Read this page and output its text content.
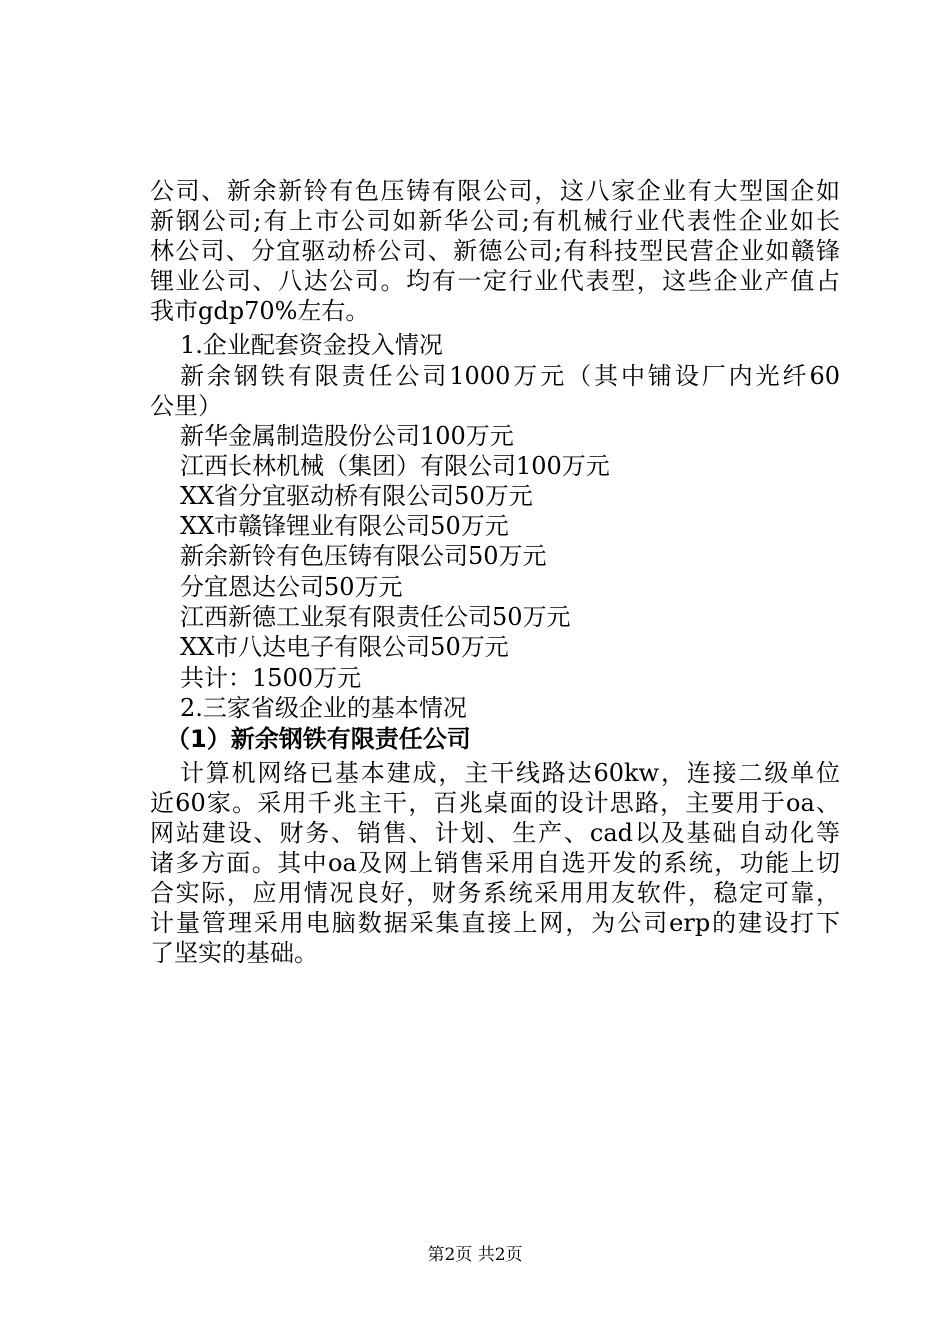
公司、新余新铃有色压铸有限公司，这八家企业有大型国企如
新钢公司;有上市公司如新华公司;有机械行业代表性企业如长
林公司、分宜驱动桥公司、新德公司;有科技型民营企业如赣锋
锂业公司、八达公司。均有一定行业代表型，这些企业产值占
我市gdp70%左右。
1.企业配套资金投入情况
新余钢铁有限责任公司1000万元（其中铺设厂内光纤60
公里）
新华金属制造股份公司100万元
江西长林机械（集团）有限公司100万元
XX省分宜驱动桥有限公司50万元
XX市赣锋锂业有限公司50万元
新余新铃有色压铸有限公司50万元
分宜恩达公司50万元
江西新德工业泵有限责任公司50万元
XX市八达电子有限公司50万元
共计：1500万元
2.三家省级企业的基本情况
（1）新余钢铁有限责任公司
计算机网络已基本建成，主干线路达60kw，连接二级单位
近60家。采用千兆主干，百兆桌面的设计思路，主要用于oa、
网站建设、财务、销售、计划、生产、cad以及基础自动化等
诸多方面。其中oa及网上销售采用自选开发的系统，功能上切
合实际，应用情况良好，财务系统采用用友软件，稳定可靠，
计量管理采用电脑数据采集直接上网，为公司erp的建设打下
了坚实的基础。
第2页 共2页
